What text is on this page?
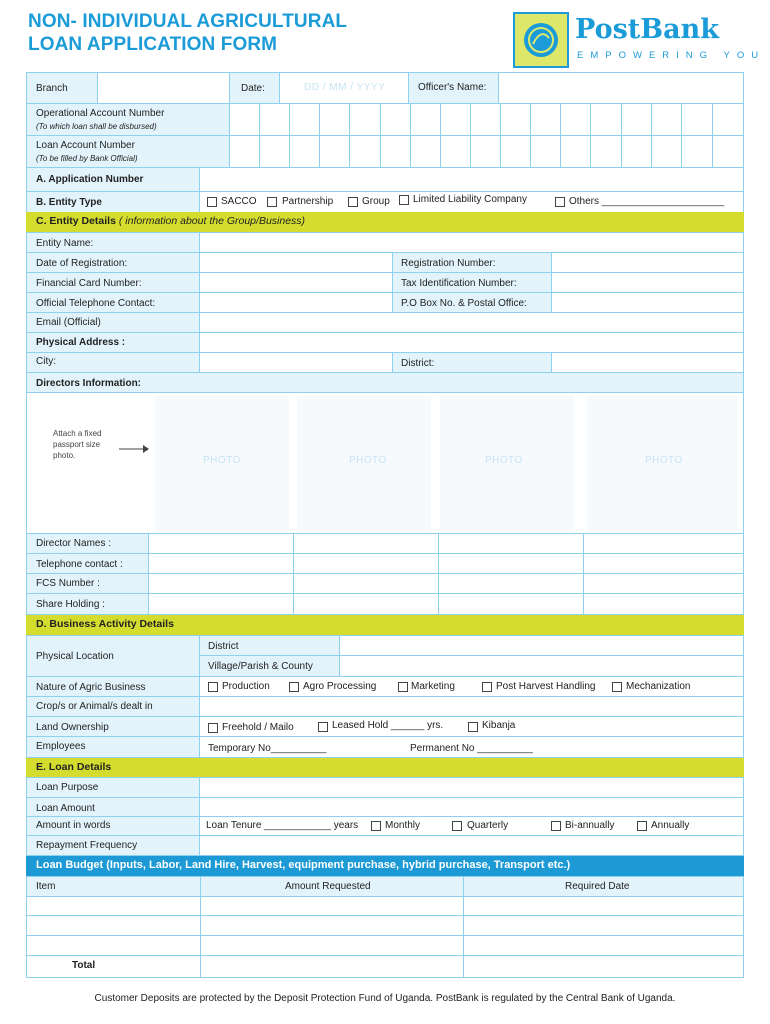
NON- INDIVIDUAL AGRICULTURAL
LOAN APPLICATION FORM	PostBank
EMPOWERING YOU
Branch	Date:	DD / MM / YYYY	Officer's Name:
Operational Account Number
(To which loan shall be disbursed)
Loan Account Number
(To be filled by Bank Official)
A. Application Number
B. Entity Type	SACCO	Partnership	Group Limited Liability Company	Others ______________________
C. Entity Details ( information about the Group/Business)
Entity Name:
Date of Registration:	Registration Number:
Financial Card Number:	Tax Identification Number:
Official Telephone Contact:	P.O Box No. & Postal Office:
Email (Official)
Physical Address :
City:	District:
Directors Information:
Attach a fixed
passport size
photo.	PHOTO	PHOTO	PHOTO	PHOTO
Director Names :
Telephone contact :
FCS Number :
Share Holding :
D. Business Activity Details
Physical Location
District
Village/Parish & County
Nature of Agric Business	Production	Agro Processing	Marketing	Post Harvest Handling	Mechanization
Crop/s or Animal/s dealt in
Land Ownership	Freehold / Mailo	Leased Hold ______ yrs.	Kibanja
Employees	Temporary No__________	Permanent No __________
E. Loan Details
Loan Purpose
Loan Amount
Amount in words	Loan Tenure ____________ years	Monthly	Quarterly	Bi-annually	Annually
Repayment Frequency
Loan Budget (Inputs, Labor, Land Hire, Harvest, equipment purchase, hybrid purchase, Transport etc.)
Item	Amount Requested	Required Date
Total
Customer Deposits are protected by the Deposit Protection Fund of Uganda. PostBank is regulated by the Central Bank of Uganda.
